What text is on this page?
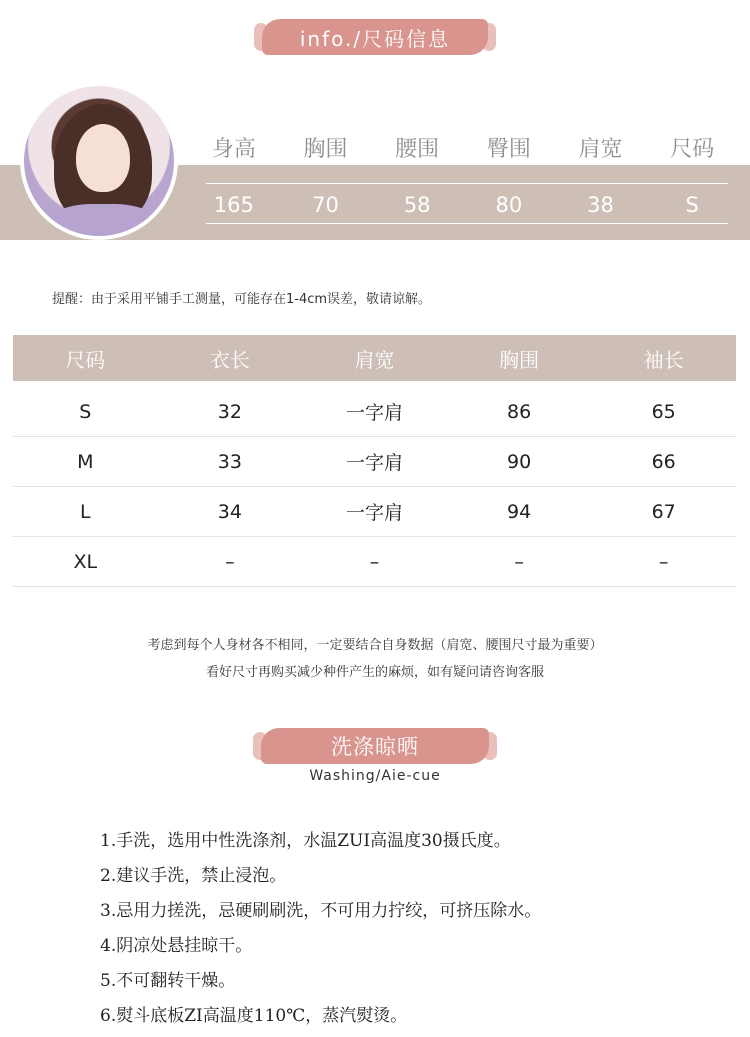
info./尺码信息
身高	胸围	腰围	臀围	肩宽	尺码
165	70	58	80	38	S
提醒：由于采用平铺手工测量，可能存在1-4cm误差，敬请谅解。
尺码	衣长	肩宽	胸围	袖长
S	32	一字肩	86	65
M	33	一字肩	90	66
L	34	一字肩	94	67
XL	–	–	–	–
考虑到每个人身材各不相同，一定要结合自身数据（肩宽、腰围尺寸最为重要）
看好尺寸再购买减少种件产生的麻烦，如有疑问请咨询客服
洗涤晾晒
Washing/Aie-cue
1.手洗，选用中性洗涤剂，水温ZUI高温度30摄氏度。
2.建议手洗，禁止浸泡。
3.忌用力搓洗，忌硬刷刷洗，不可用力拧绞，可挤压除水。
4.阴凉处悬挂晾干。
5.不可翻转干燥。
6.熨斗底板ZI高温度110℃，蒸汽熨烫。
